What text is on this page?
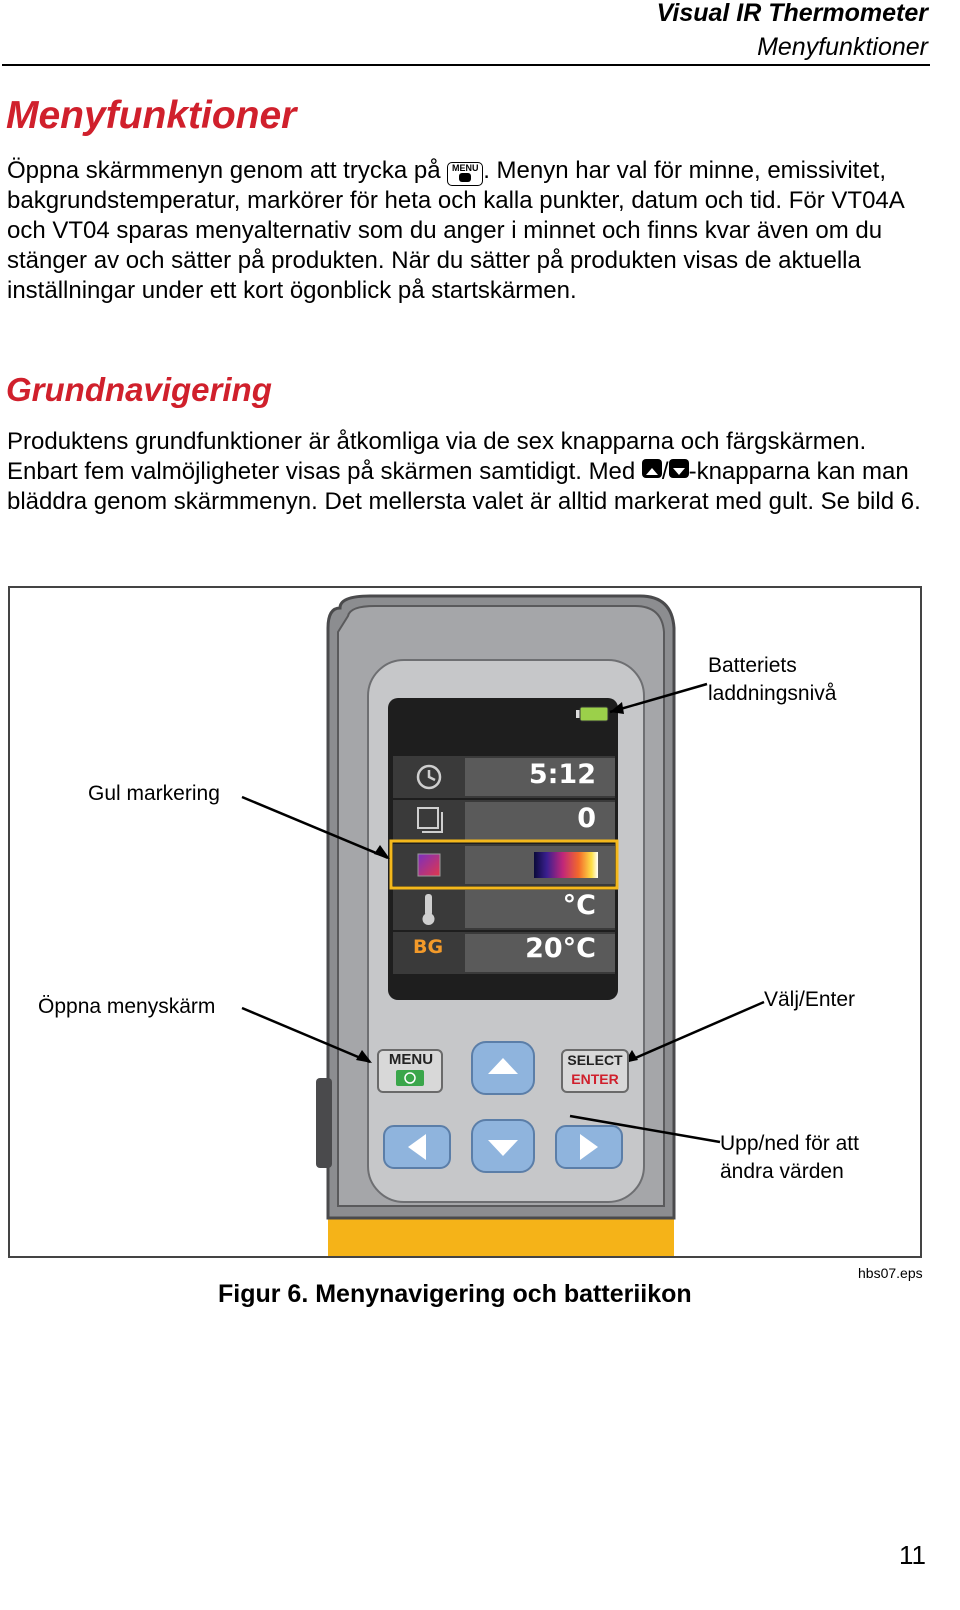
Visual IR Thermometer
Menyfunktioner
Menyfunktioner

Öppna skärmmenyn genom att trycka på MENU . Menyn har val för minne, emissivitet, bakgrundstemperatur, markörer för heta och kalla punkter, datum och tid. För VT04A och VT04 sparas menyalternativ som du anger i minnet och finns kvar även om du stänger av och sätter på produkten. När du sätter på produkten visas de aktuella inställningar under ett kort ögonblick på startskärmen.

Grundnavigering

Produktens grundfunktioner är åtkomliga via de sex knapparna och färgskärmen. Enbart fem valmöjligheter visas på skärmen samtidigt. Med / -knapparna kan man bläddra genom skärmmenyn. Det mellersta valet är alltid markerat med gult. Se bild 6.

5:12
0
°C
BG	20°C
MENU	SELECT
ENTER
Batteriets laddningsnivå
Gul markering
Öppna menyskärm	Välj/Enter
Upp/ned för att ändra värden
Figur 6. Menynavigering och batteriikon
hbs07.eps
11
